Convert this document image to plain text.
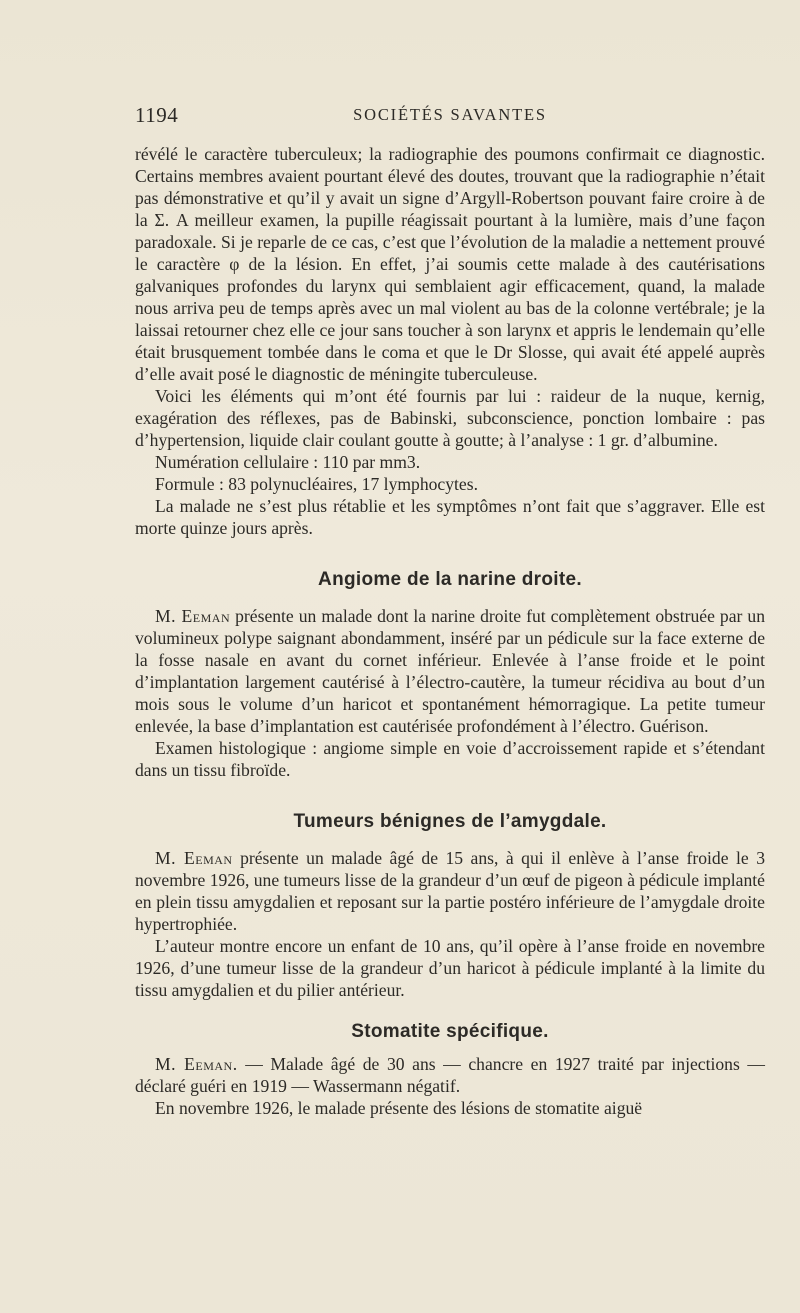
1194	SOCIÉTÉS SAVANTES

révélé le caractère tuberculeux; la radiographie des poumons confirmait ce diagnostic. Certains membres avaient pourtant élevé des doutes, trouvant que la radiographie n’était pas démonstrative et qu’il y avait un signe d’Argyll-Robertson pouvant faire croire à de la Σ. A meilleur examen, la pupille réagissait pourtant à la lumière, mais d’une façon paradoxale. Si je reparle de ce cas, c’est que l’évolution de la maladie a nettement prouvé le caractère φ de la lésion. En effet, j’ai soumis cette malade à des cautérisations galvaniques profondes du larynx qui semblaient agir efficacement, quand, la malade nous arriva peu de temps après avec un mal violent au bas de la colonne vertébrale; je la laissai retourner chez elle ce jour sans toucher à son larynx et appris le lendemain qu’elle était brusquement tombée dans le coma et que le Dr Slosse, qui avait été appelé auprès d’elle avait posé le diagnostic de méningite tuberculeuse.

Voici les éléments qui m’ont été fournis par lui : raideur de la nuque, kernig, exagération des réflexes, pas de Babinski, subconscience, ponction lombaire : pas d’hypertension, liquide clair coulant goutte à goutte; à l’analyse : 1 gr. d’albumine.

Numération cellulaire : 110 par mm3.

Formule : 83 polynucléaires, 17 lymphocytes.

La malade ne s’est plus rétablie et les symptômes n’ont fait que s’aggraver. Elle est morte quinze jours après.

Angiome de la narine droite.

M. Eeman présente un malade dont la narine droite fut complètement obstruée par un volumineux polype saignant abondamment, inséré par un pédicule sur la face externe de la fosse nasale en avant du cornet inférieur. Enlevée à l’anse froide et le point d’implantation largement cautérisé à l’électro-cautère, la tumeur récidiva au bout d’un mois sous le volume d’un haricot et spontanément hémorragique. La petite tumeur enlevée, la base d’implantation est cautérisée profondément à l’électro. Guérison.

Examen histologique : angiome simple en voie d’accroissement rapide et s’étendant dans un tissu fibroïde.

Tumeurs bénignes de l’amygdale.

M. Eeman présente un malade âgé de 15 ans, à qui il enlève à l’anse froide le 3 novembre 1926, une tumeurs lisse de la grandeur d’un œuf de pigeon à pédicule implanté en plein tissu amygdalien et reposant sur la partie postéro inférieure de l’amygdale droite hypertrophiée.

L’auteur montre encore un enfant de 10 ans, qu’il opère à l’anse froide en novembre 1926, d’une tumeur lisse de la grandeur d’un haricot à pédicule implanté à la limite du tissu amygdalien et du pilier antérieur.

Stomatite spécifique.

M. Eeman. — Malade âgé de 30 ans — chancre en 1927 traité par injections — déclaré guéri en 1919 — Wassermann négatif.

En novembre 1926, le malade présente des lésions de stomatite aiguë
